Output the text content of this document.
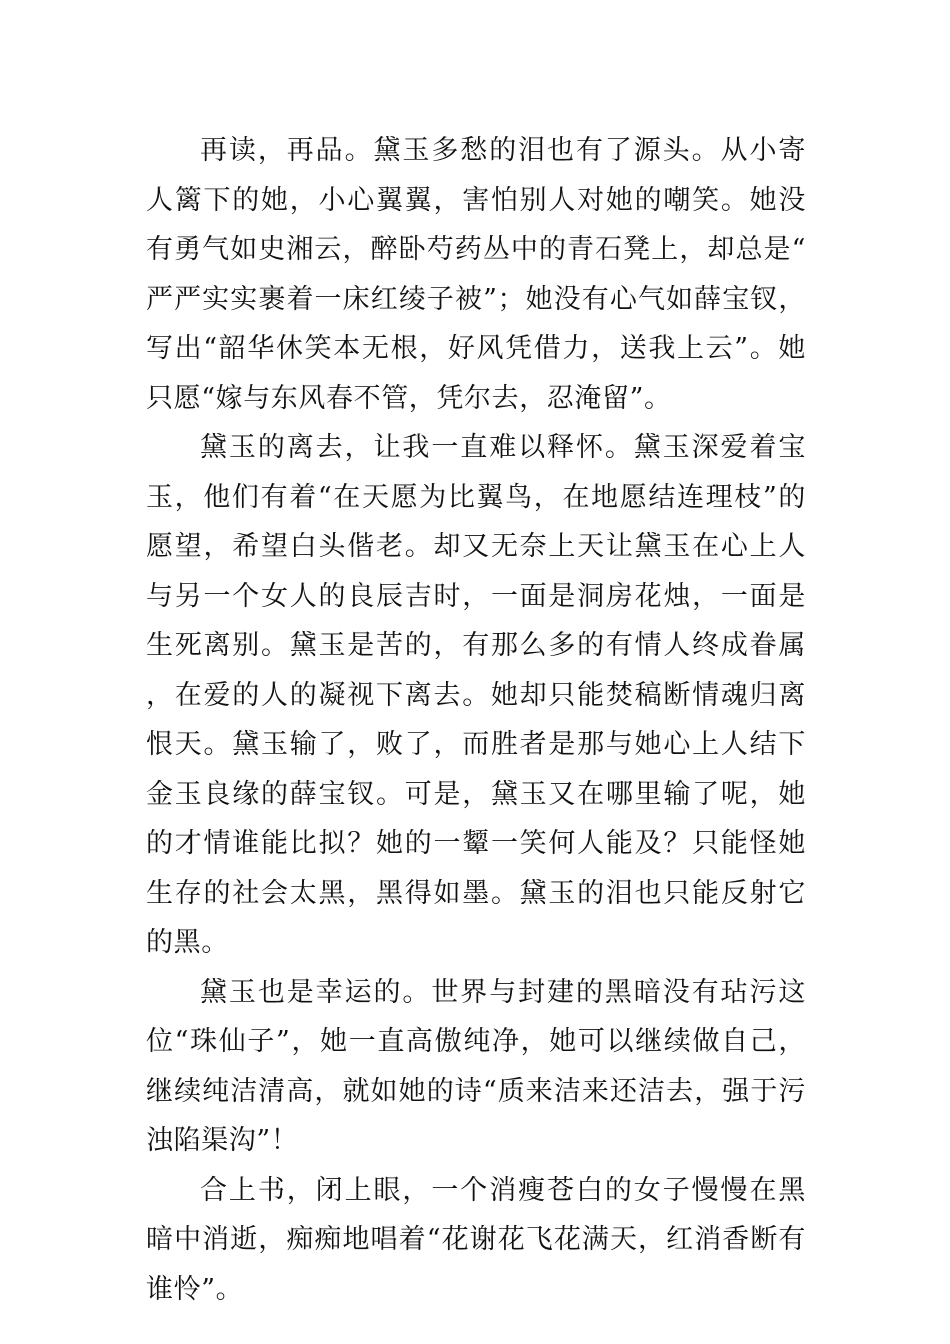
再读，再品。黛玉多愁的泪也有了源头。从小寄人篱下的她，小心翼翼，害怕别人对她的嘲笑。她没有勇气如史湘云，醉卧芍药丛中的青石凳上，却总是“严严实实裹着一床红绫子被”；她没有心气如薛宝钗，写出“韶华休笑本无根，好风凭借力，送我上云”。她只愿“嫁与东风春不管，凭尔去，忍淹留”。

黛玉的离去，让我一直难以释怀。黛玉深爱着宝玉，他们有着“在天愿为比翼鸟，在地愿结连理枝”的愿望，希望白头偕老。却又无奈上天让黛玉在心上人与另一个女人的良辰吉时，一面是洞房花烛，一面是生死离别。黛玉是苦的，有那么多的有情人终成眷属，在爱的人的凝视下离去。她却只能焚稿断情魂归离恨天。黛玉输了，败了，而胜者是那与她心上人结下金玉良缘的薛宝钗。可是，黛玉又在哪里输了呢，她的才情谁能比拟？她的一颦一笑何人能及？只能怪她生存的社会太黑，黑得如墨。黛玉的泪也只能反射它的黑。

黛玉也是幸运的。世界与封建的黑暗没有玷污这位“珠仙子”，她一直高傲纯净，她可以继续做自己，继续纯洁清高，就如她的诗“质来洁来还洁去，强于污浊陷渠沟”！

合上书，闭上眼，一个消瘦苍白的女子慢慢在黑暗中消逝，痴痴地唱着“花谢花飞花满天，红消香断有谁怜”。
